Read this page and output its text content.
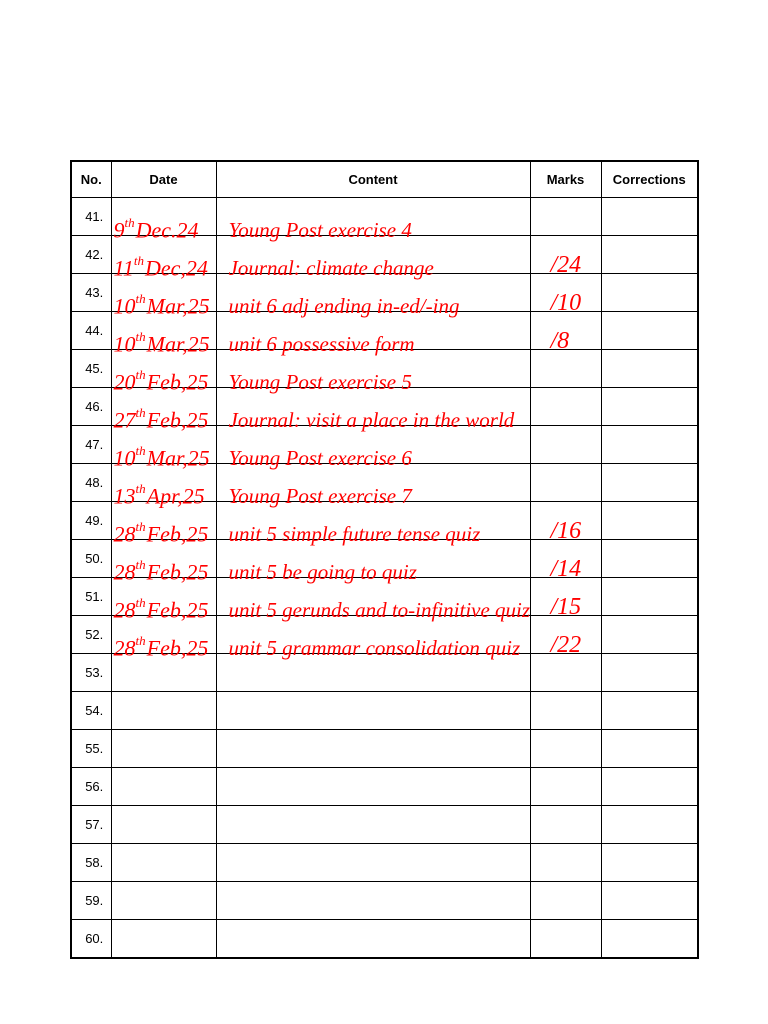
No.	Date	Content	Marks	Corrections
41.	9thDec.24	Young Post exercise 4		

42.	11thDec,24	Journal: climate change	/24	

43.	10thMar,25	unit 6 adj ending in-ed/-ing	/10	

44.	10thMar,25	unit 6 possessive form	/8	

45.	20thFeb,25	Young Post exercise 5		

46.	27thFeb,25	Journal: visit a place in the world		

47.	10thMar,25	Young Post exercise 6		

48.	13thApr,25	Young Post exercise 7		

49.	28thFeb,25	unit 5 simple future tense quiz	/16	

50.	28thFeb,25	unit 5 be going to quiz	/14	

51.	28thFeb,25	unit 5 gerunds and to-infinitive quiz	/15	

52.	28thFeb,25	unit 5 grammar consolidation quiz	/22	

53.				
54.				
55.				
56.				
57.				
58.				
59.				
60.				
